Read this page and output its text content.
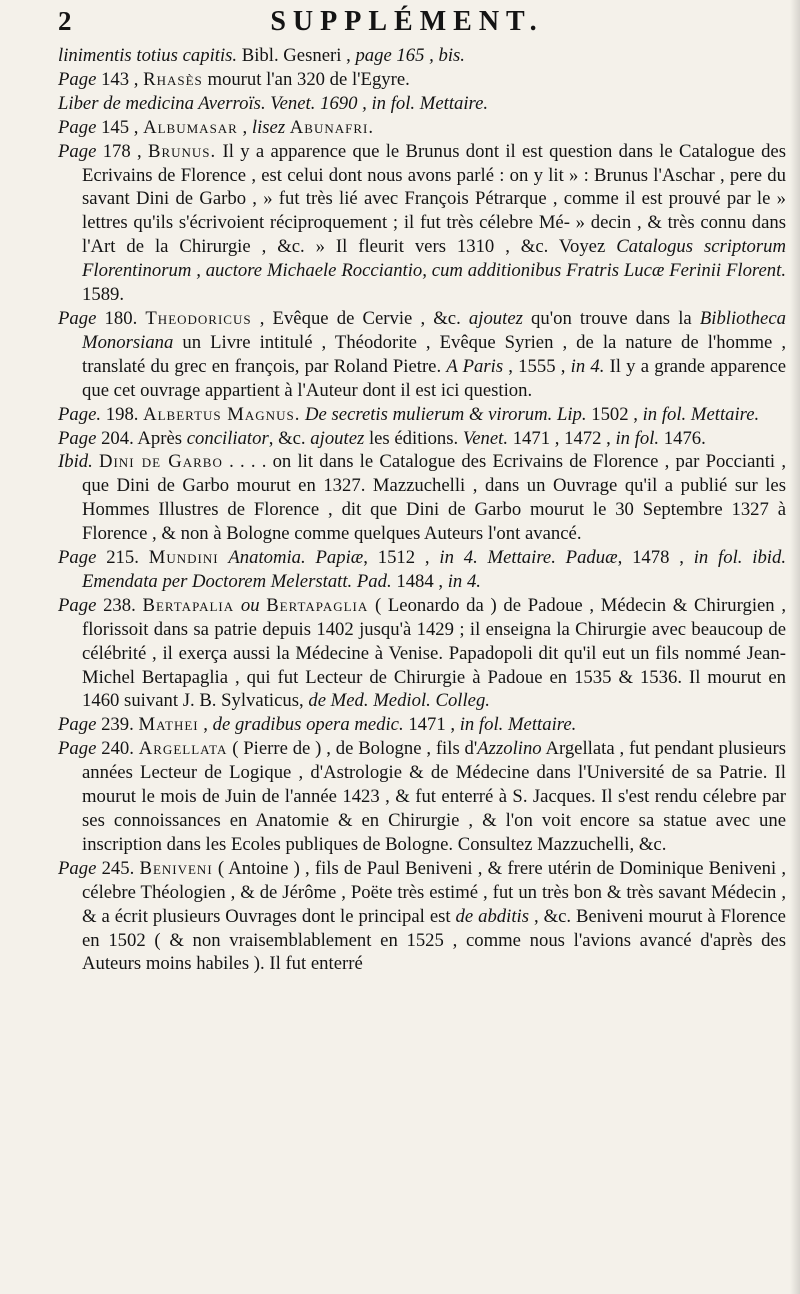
2	SUPPLÉMENT.

linimentis totius capitis. Bibl. Gesneri , page 165 , bis.

Page 143 , Rhasès mourut l'an 320 de l'Egyre.

Liber de medicina Averroïs. Venet. 1690 , in fol. Mettaire.

Page 145 , Albumasar , lisez Abunafri.

Page 178 , Brunus. Il y a apparence que le Brunus dont il est question dans le Catalogue des Ecrivains de Florence , est celui dont nous avons parlé : on y lit » : Brunus l'Aschar , pere du savant Dini de Garbo , » fut très lié avec François Pétrarque , comme il est prouvé par le » lettres qu'ils s'écrivoient réciproquement ; il fut très célebre Mé- » decin , & très connu dans l'Art de la Chirurgie , &c. » Il fleurit vers 1310 , &c. Voyez Catalogus scriptorum Florentinorum , auctore Michaele Rocciantio, cum additionibus Fratris Lucæ Ferinii Florent. 1589.

Page 180. Theodoricus , Evêque de Cervie , &c. ajoutez qu'on trouve dans la Bibliotheca Monorsiana un Livre intitulé , Théodorite , Evêque Syrien , de la nature de l'homme , translaté du grec en françois, par Roland Pietre. A Paris , 1555 , in 4. Il y a grande apparence que cet ouvrage appartient à l'Auteur dont il est ici question.

Page. 198. Albertus Magnus. De secretis mulierum & virorum. Lip. 1502 , in fol. Mettaire.

Page 204. Après conciliator, &c. ajoutez les éditions. Venet. 1471 , 1472 , in fol. 1476.

Ibid. Dini de Garbo . . . . on lit dans le Catalogue des Ecrivains de Florence , par Poccianti , que Dini de Garbo mourut en 1327. Mazzuchelli , dans un Ouvrage qu'il a publié sur les Hommes Illustres de Florence , dit que Dini de Garbo mourut le 30 Septembre 1327 à Florence , & non à Bologne comme quelques Auteurs l'ont avancé.

Page 215. Mundini Anatomia. Papiæ, 1512 , in 4. Mettaire. Paduæ, 1478 , in fol. ibid. Emendata per Doctorem Melerstatt. Pad. 1484 , in 4.

Page 238. Bertapalia ou Bertapaglia ( Leonardo da ) de Padoue , Médecin & Chirurgien , florissoit dans sa patrie depuis 1402 jusqu'à 1429 ; il enseigna la Chirurgie avec beaucoup de célébrité , il exerça aussi la Médecine à Venise. Papadopoli dit qu'il eut un fils nommé Jean-Michel Bertapaglia , qui fut Lecteur de Chirurgie à Padoue en 1535 & 1536. Il mourut en 1460 suivant J. B. Sylvaticus, de Med. Mediol. Colleg.

Page 239. Mathei , de gradibus opera medic. 1471 , in fol. Mettaire.

Page 240. Argellata ( Pierre de ) , de Bologne , fils d'Azzolino Argellata , fut pendant plusieurs années Lecteur de Logique , d'Astrologie & de Médecine dans l'Université de sa Patrie. Il mourut le mois de Juin de l'année 1423 , & fut enterré à S. Jacques. Il s'est rendu célebre par ses connoissances en Anatomie & en Chirurgie , & l'on voit encore sa statue avec une inscription dans les Ecoles publiques de Bologne. Consultez Mazzuchelli, &c.

Page 245. Beniveni ( Antoine ) , fils de Paul Beniveni , & frere utérin de Dominique Beniveni , célebre Théologien , & de Jérôme , Poëte très estimé , fut un très bon & très savant Médecin , & a écrit plusieurs Ouvrages dont le principal est de abditis , &c. Beniveni mourut à Florence en 1502 ( & non vraisemblablement en 1525 , comme nous l'avions avancé d'après des Auteurs moins habiles ). Il fut enterré
